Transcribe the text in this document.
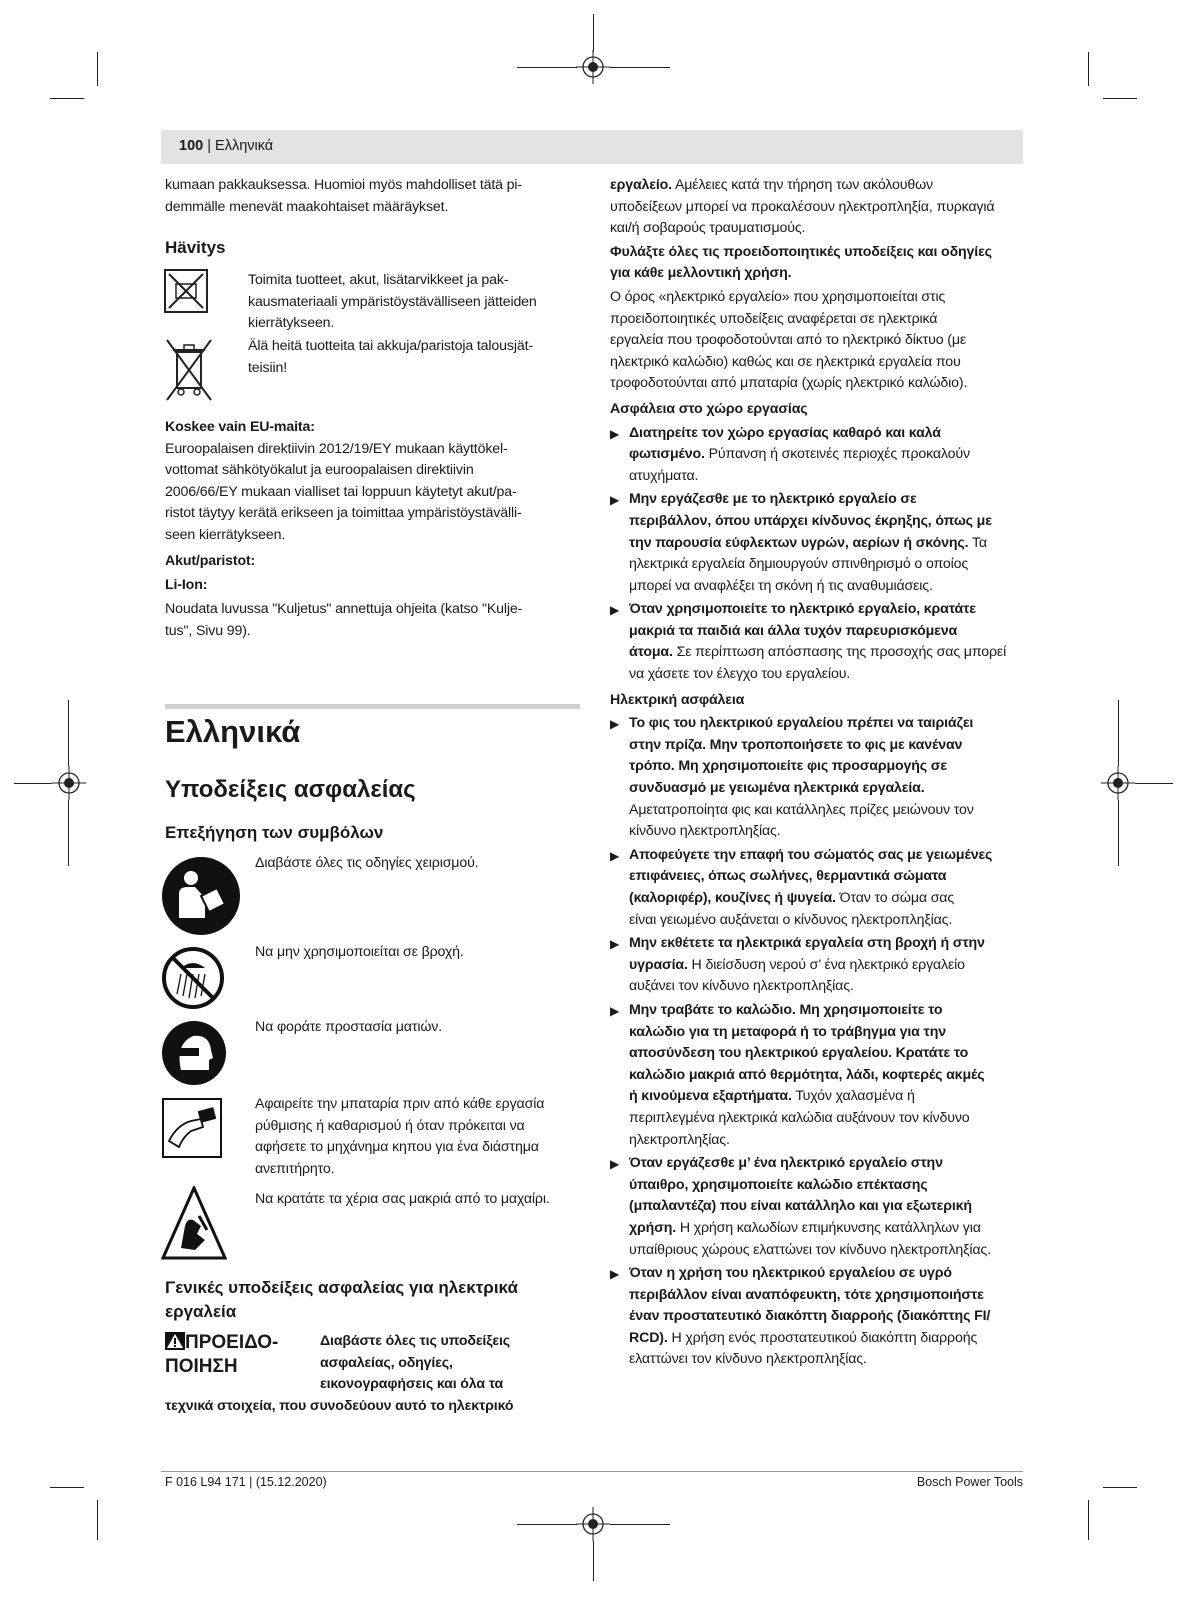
100 | Ελληνικά

kumaan pakkauksessa. Huomioi myös mahdolliset tätä pi-

demmälle menevät maakohtaiset määräykset.

Hävitys

Toimita tuotteet, akut, lisätarvikkeet ja pak-

kausmateriaali ympäristöystävälliseen jätteiden

kierrätykseen.

Älä heitä tuotteita tai akkuja/paristoja talousjät-

teisiin!

Koskee vain EU-maita:

Euroopalaisen direktiivin 2012/19/EY mukaan käyttökel-

vottomat sähkötyökalut ja euroopalaisen direktiivin

2006/66/EY mukaan vialliset tai loppuun käytetyt akut/pa-

ristot täytyy kerätä erikseen ja toimittaa ympäristöystävälli-

seen kierrätykseen.

Akut/paristot:

Li-Ion:

Noudata luvussa "Kuljetus" annettuja ohjeita (katso "Kulje-

tus", Sivu 99).

Ελληνικά
Υποδείξεις ασφαλείας
Επεξήγηση των συμβόλων
Διαβάστε όλες τις οδηγίες χειρισμού.
Να μην χρησιμοποιείται σε βροχή.
Να φοράτε προστασία ματιών.

Αφαιρείτε την μπαταρία πριν από κάθε εργασία

ρύθμισης ή καθαρισμού ή όταν πρόκειται να

αφήσετε το μηχάνημα κηπου για ένα διάστημα

ανεπιτήρητο.

Να κρατάτε τα χέρια σας μακριά από το μαχαίρι.
Γενικές υποδείξεις ασφαλείας για ηλεκτρικά
εργαλεία
ΠΡΟΕΙΔΟ-
ΠΟΙΗΣΗ

Διαβάστε όλες τις υποδείξεις

ασφαλείας, οδηγίες,

εικονογραφήσεις και όλα τα

τεχνικά στοιχεία, που συνοδεύουν αυτό το ηλεκτρικό

εργαλείο. Αμέλειες κατά την τήρηση των ακόλουθων

υποδείξεων μπορεί να προκαλέσουν ηλεκτροπληξία, πυρκαγιά

και/ή σοβαρούς τραυματισμούς.

Φυλάξτε όλες τις προειδοποιητικές υποδείξεις και οδηγίες

για κάθε μελλοντική χρήση.

Ο όρος «ηλεκτρικό εργαλείο» που χρησιμοποιείται στις

προειδοποιητικές υποδείξεις αναφέρεται σε ηλεκτρικά

εργαλεία που τροφοδοτούνται από το ηλεκτρικό δίκτυο (με

ηλεκτρικό καλώδιο) καθώς και σε ηλεκτρικά εργαλεία που

τροφοδοτούνται από μπαταρία (χωρίς ηλεκτρικό καλώδιο).

Ασφάλεια στο χώρο εργασίας

▶ Διατηρείτε τον χώρο εργασίας καθαρό και καλά

φωτισμένο. Ρύπανση ή σκοτεινές περιοχές προκαλούν

ατυχήματα.

▶ Μην εργάζεσθε με το ηλεκτρικό εργαλείο σε

περιβάλλον, όπου υπάρχει κίνδυνος έκρηξης, όπως με

την παρουσία εύφλεκτων υγρών, αερίων ή σκόνης. Τα

ηλεκτρικά εργαλεία δημιουργούν σπινθηρισμό ο οποίος

μπορεί να αναφλέξει τη σκόνη ή τις αναθυμιάσεις.

▶ Όταν χρησιμοποιείτε το ηλεκτρικό εργαλείο, κρατάτε

μακριά τα παιδιά και άλλα τυχόν παρευρισκόμενα

άτομα. Σε περίπτωση απόσπασης της προσοχής σας μπορεί

να χάσετε τον έλεγχο του εργαλείου.

Ηλεκτρική ασφάλεια

▶ Το φις του ηλεκτρικού εργαλείου πρέπει να ταιριάζει

στην πρίζα. Μην τροποποιήσετε το φις με κανέναν

τρόπο. Μη χρησιμοποιείτε φις προσαρμογής σε

συνδυασμό με γειωμένα ηλεκτρικά εργαλεία.

Αμετατροποίητα φις και κατάλληλες πρίζες μειώνουν τον

κίνδυνο ηλεκτροπληξίας.

▶ Αποφεύγετε την επαφή του σώματός σας με γειωμένες

επιφάνειες, όπως σωλήνες, θερμαντικά σώματα

(καλοριφέρ), κουζίνες ή ψυγεία. Όταν το σώμα σας

είναι γειωμένο αυξάνεται ο κίνδυνος ηλεκτροπληξίας.

▶ Μην εκθέτετε τα ηλεκτρικά εργαλεία στη βροχή ή στην

υγρασία. Η διείσδυση νερού σ’ ένα ηλεκτρικό εργαλείο

αυξάνει τον κίνδυνο ηλεκτροπληξίας.

▶ Μην τραβάτε το καλώδιο. Μη χρησιμοποιείτε το

καλώδιο για τη μεταφορά ή το τράβηγμα για την

αποσύνδεση του ηλεκτρικού εργαλείου. Κρατάτε το

καλώδιο μακριά από θερμότητα, λάδι, κοφτερές ακμές

ή κινούμενα εξαρτήματα. Τυχόν χαλασμένα ή

περιπλεγμένα ηλεκτρικά καλώδια αυξάνουν τον κίνδυνο

ηλεκτροπληξίας.

▶ Όταν εργάζεσθε μ’ ένα ηλεκτρικό εργαλείο στην

ύπαιθρο, χρησιμοποιείτε καλώδιο επέκτασης

(μπαλαντέζα) που είναι κατάλληλο και για εξωτερική

χρήση. Η χρήση καλωδίων επιμήκυνσης κατάλληλων για

υπαίθριους χώρους ελαττώνει τον κίνδυνο ηλεκτροπληξίας.

▶ Όταν η χρήση του ηλεκτρικού εργαλείου σε υγρό

περιβάλλον είναι αναπόφευκτη, τότε χρησιμοποιήστε

έναν προστατευτικό διακόπτη διαρροής (διακόπτης FI/

RCD). Η χρήση ενός προστατευτικού διακόπτη διαρροής

ελαττώνει τον κίνδυνο ηλεκτροπληξίας.

F 016 L94 171 | (15.12.2020)	Bosch Power Tools
